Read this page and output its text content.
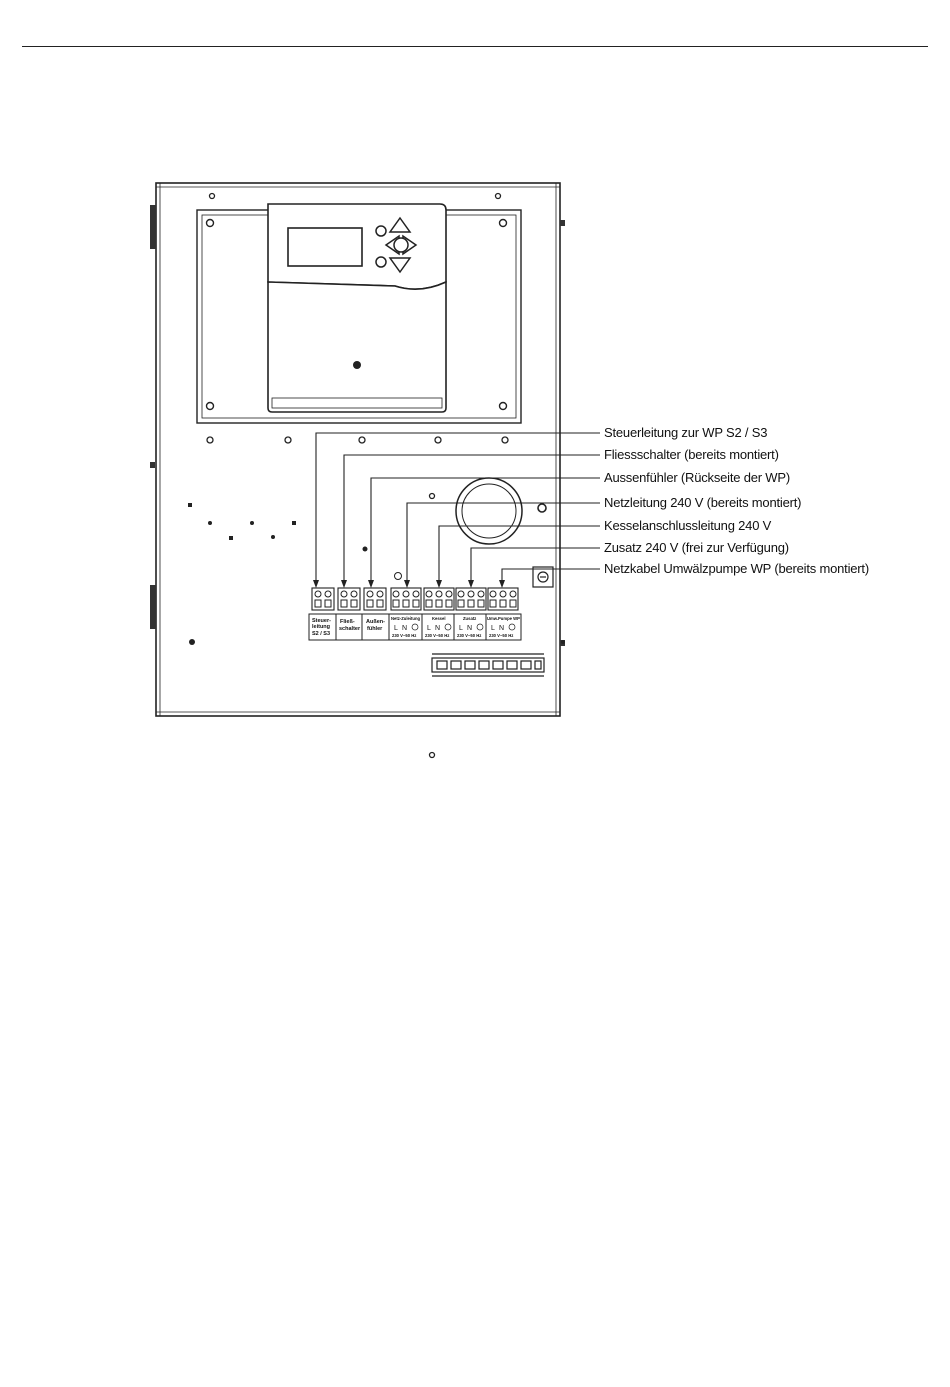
Steuer-
leitung
S2 / S3
Fließ-
schalter
Außen-
fühler
Netz-Zuleitung	Kessel	Zusatz	Umw.Pumpe WP
L N	L N	L N	L N
230 V~50 Hz 230 V~50 Hz 230 V~50 Hz 230 V~50 Hz
Steuerleitung zur WP S2 / S3
Fliessschalter (bereits montiert)
Aussenfühler (Rückseite der WP)
Netzleitung 240 V (bereits montiert)
Kesselanschlussleitung 240 V
Zusatz 240 V (frei zur Verfügung)
Netzkabel Umwälzpumpe WP (bereits montiert)
